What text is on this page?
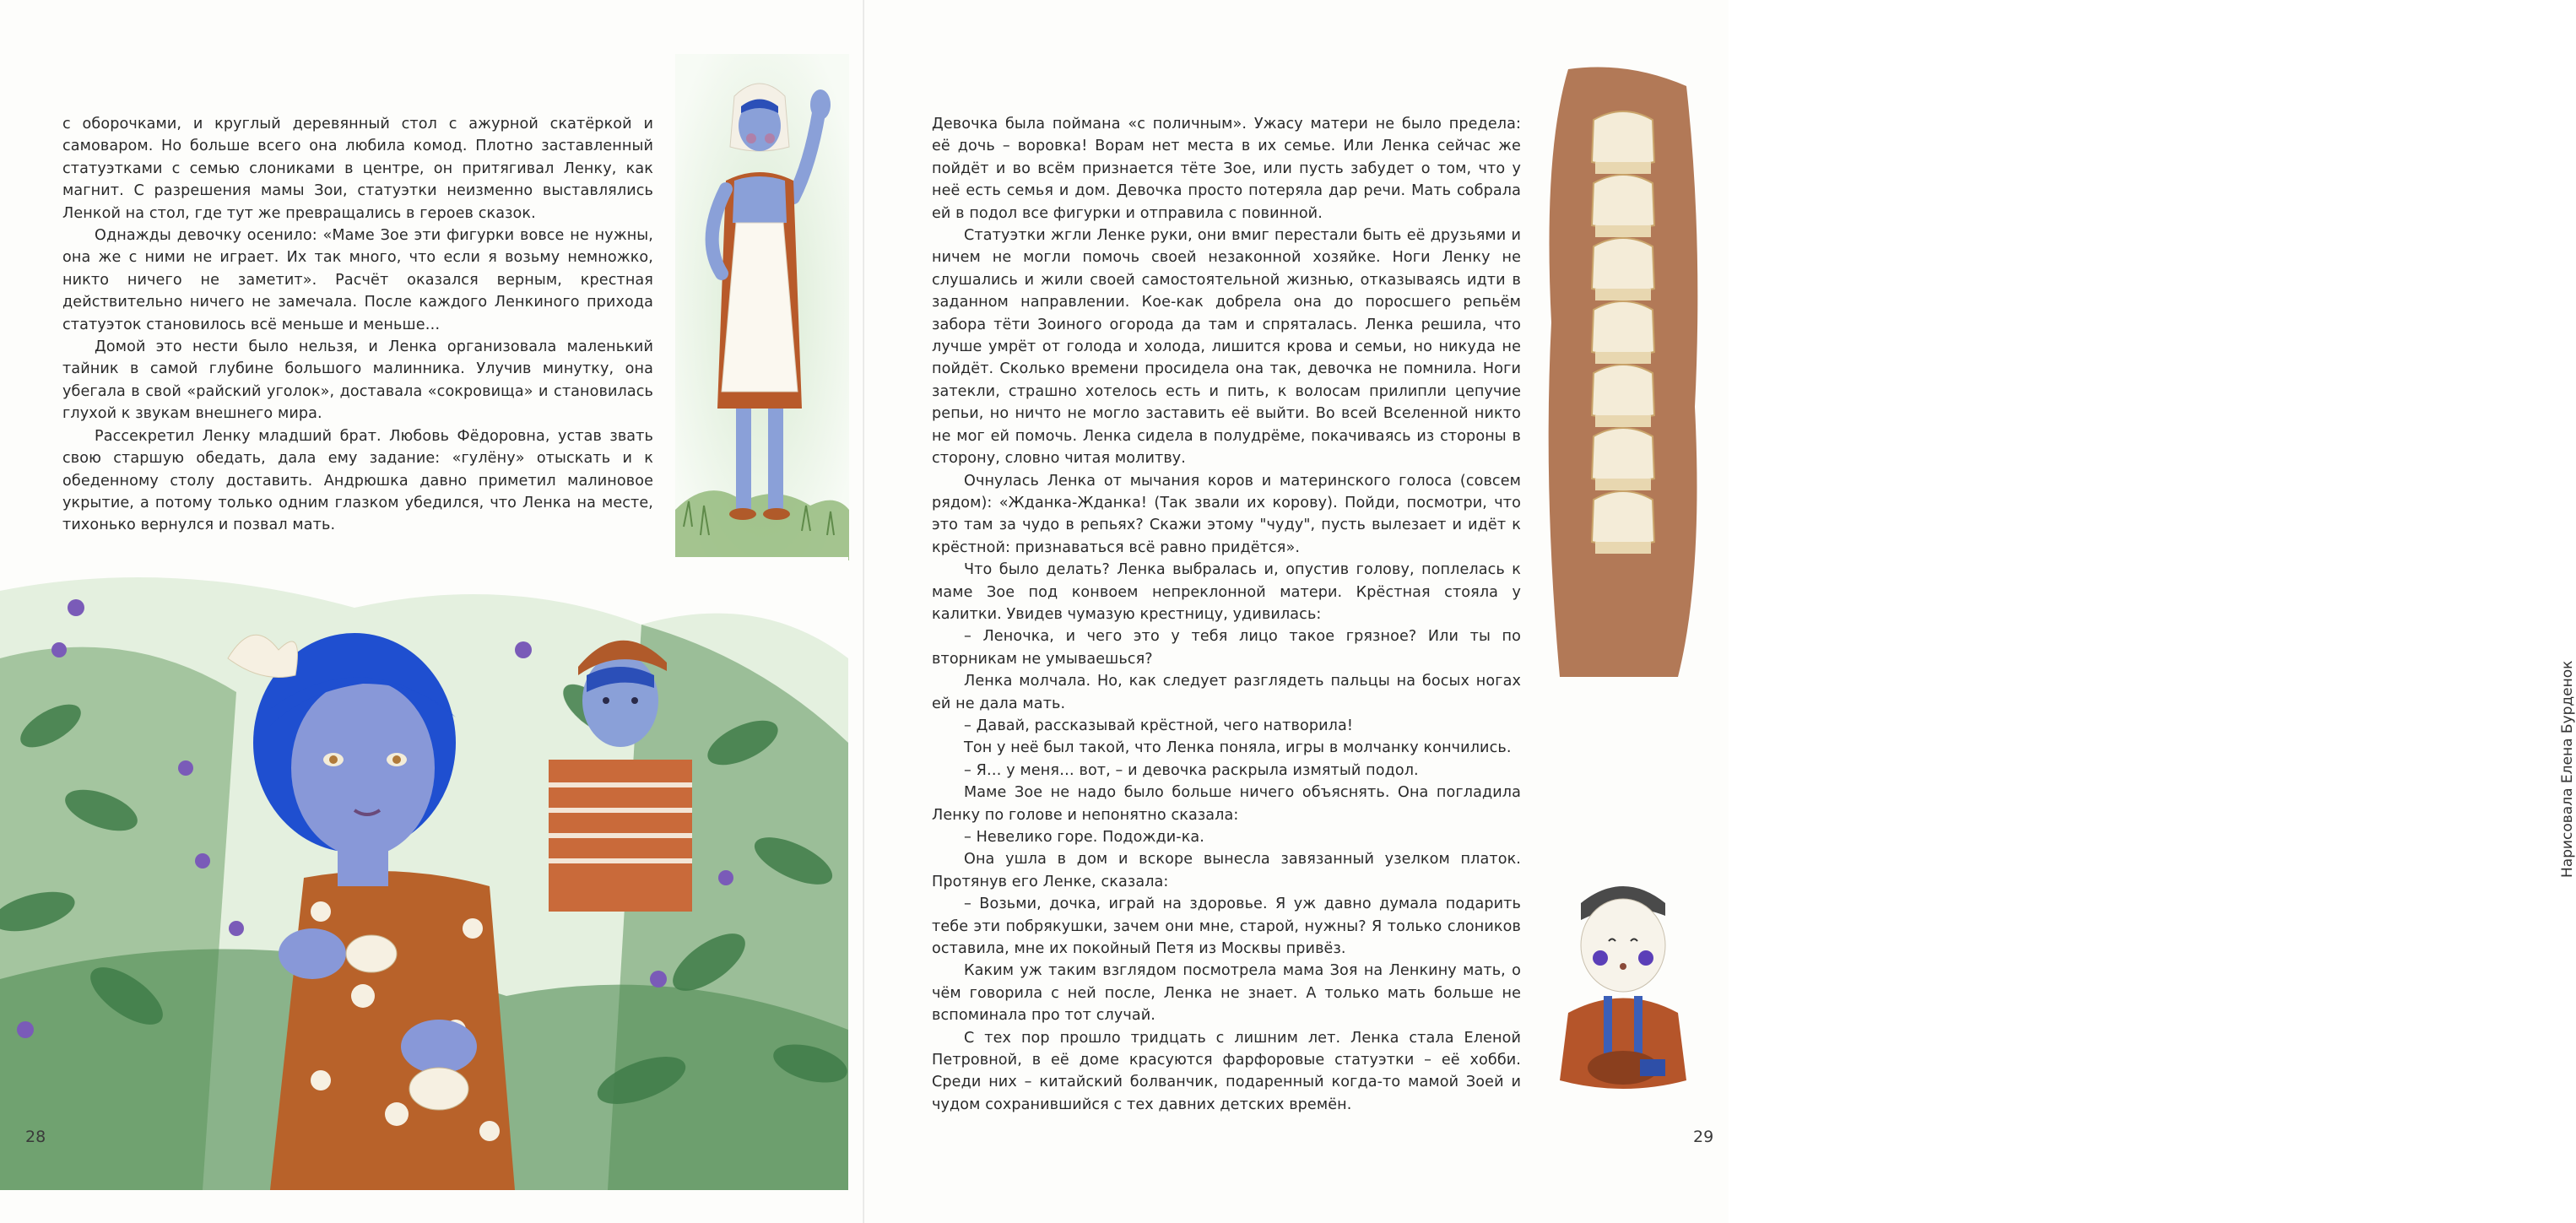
с оборочками, и круглый деревянный стол с ажурной скатёркой и самоваром. Но больше всего она любила комод. Плотно заставленный статуэтками с семью слониками в центре, он притягивал Ленку, как магнит. С разрешения мамы Зои, статуэтки неизменно выставлялись Ленкой на стол, где тут же превращались в героев сказок.

Однажды девочку осенило: «Маме Зое эти фигурки вовсе не нужны, она же с ними не играет. Их так много, что если я возьму немножко, никто ничего не заметит». Расчёт оказался верным, крестная действительно ничего не замечала. После каждого Ленкиного прихода статуэток становилось всё меньше и меньше…

Домой это нести было нельзя, и Ленка организовала маленький тайник в самой глубине большого малинника. Улучив минутку, она убегала в свой «райский уголок», доставала «сокровища» и становилась глухой к звукам внешнего мира.

Рассекретил Ленку младший брат. Любовь Фёдоровна, устав звать свою старшую обедать, дала ему задание: «гулёну» отыскать и к обеденному столу доставить. Андрюшка давно приметил малиновое укрытие, а потому только одним глазком убедился, что Ленка на месте, тихонько вернулся и позвал мать.

28

Девочка была поймана «с поличным». Ужасу матери не было предела: её дочь – воровка! Ворам нет места в их семье. Или Ленка сейчас же пойдёт и во всём признается тёте Зое, или пусть забудет о том, что у неё есть семья и дом. Девочка просто потеряла дар речи. Мать собрала ей в подол все фигурки и отправила с повинной.

Статуэтки жгли Ленке руки, они вмиг перестали быть её друзьями и ничем не могли помочь своей незаконной хозяйке. Ноги Ленку не слушались и жили своей самостоятельной жизнью, отказываясь идти в заданном направлении. Кое-как добрела она до поросшего репьём забора тёти Зоиного огорода да там и спряталась. Ленка решила, что лучше умрёт от голода и холода, лишится крова и семьи, но никуда не пойдёт. Сколько времени просидела она так, девочка не помнила. Ноги затекли, страшно хотелось есть и пить, к волосам прилипли цепучие репьи, но ничто не могло заставить её выйти. Во всей Вселенной никто не мог ей помочь. Ленка сидела в полудрёме, покачиваясь из стороны в сторону, словно читая молитву.

Очнулась Ленка от мычания коров и материнского голоса (совсем рядом): «Жданка-Жданка! (Так звали их корову). Пойди, посмотри, что это там за чудо в репьях? Скажи этому "чуду", пусть вылезает и идёт к крёстной: признаваться всё равно придётся».

Что было делать? Ленка выбралась и, опустив голову, поплелась к маме Зое под конвоем непреклонной матери. Крёстная стояла у калитки. Увидев чумазую крестницу, удивилась:

– Леночка, и чего это у тебя лицо такое грязное? Или ты по вторникам не умываешься?

Ленка молчала. Но, как следует разглядеть пальцы на босых ногах ей не дала мать.

– Давай, рассказывай крёстной, чего натворила!

Тон у неё был такой, что Ленка поняла, игры в молчанку кончились.

– Я… у меня… вот, – и девочка раскрыла измятый подол.

Маме Зое не надо было больше ничего объяснять. Она погладила Ленку по голове и непонятно сказала:

– Невелико горе. Подожди-ка.

Она ушла в дом и вскоре вынесла завязанный узелком платок. Протянув его Ленке, сказала:

– Возьми, дочка, играй на здоровье. Я уж давно думала подарить тебе эти побрякушки, зачем они мне, старой, нужны? Я только слоников оставила, мне их покойный Петя из Москвы привёз.

Каким уж таким взглядом посмотрела мама Зоя на Ленкину мать, о чём говорила с ней после, Ленка не знает. А только мать больше не вспоминала про тот случай.

С тех пор прошло тридцать с лишним лет. Ленка стала Еленой Петровной, в её доме красуются фарфоровые статуэтки – её хобби. Среди них – китайский болванчик, подаренный когда-то мамой Зоей и чудом сохранившийся с тех давних детских времён.

Нарисовала Елена Бурденок
29
